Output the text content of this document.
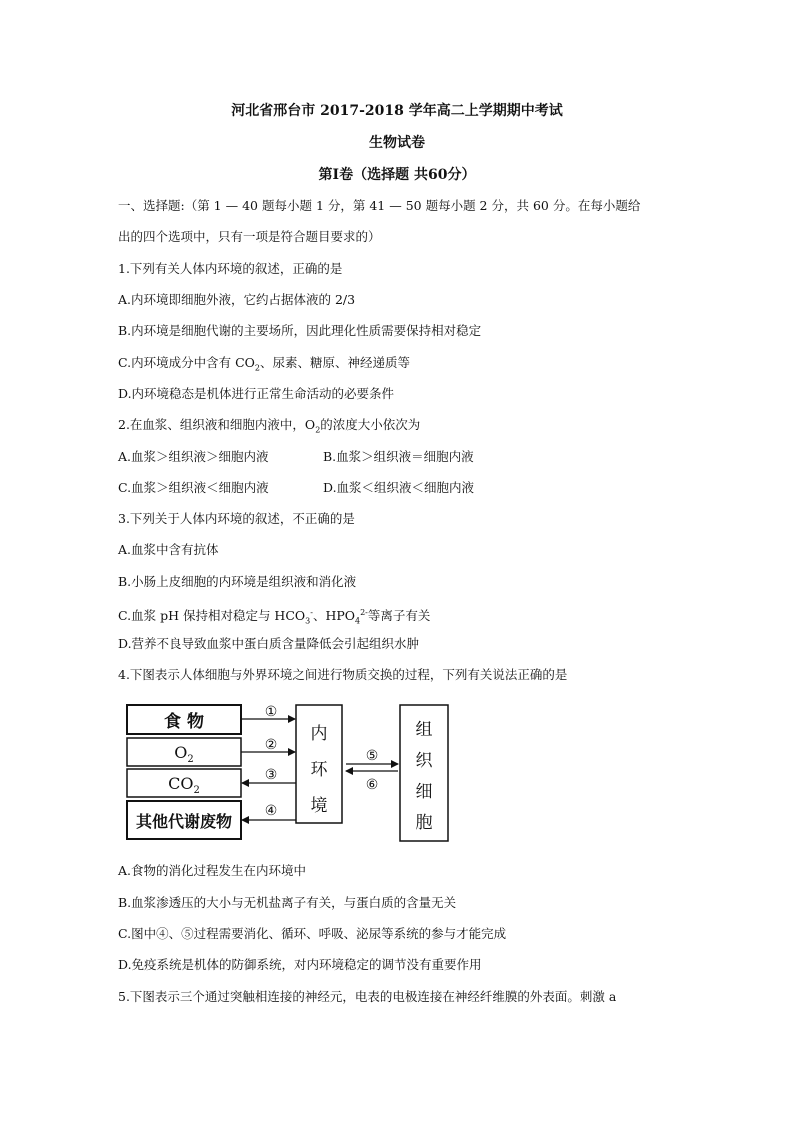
河北省邢台市 2017-2018 学年高二上学期期中考试
生物试卷
第Ⅰ卷（选择题 共60分）
一、选择题:（第 1 — 40 题每小题 1 分，第 41 — 50 题每小题 2 分，共 60 分。在每小题给
出的四个选项中，只有一项是符合题目要求的）
1.下列有关人体内环境的叙述，正确的是
A.内环境即细胞外液，它约占据体液的 2/3
B.内环境是细胞代谢的主要场所，因此理化性质需要保持相对稳定
C.内环境成分中含有 $CO_2$、尿素、糖原、神经递质等
D.内环境稳态是机体进行正常生命活动的必要条件
2.在血浆、组织液和细胞内液中，$O_2$的浓度大小依次为
A.血浆＞组织液＞细胞内液	B.血浆＞组织液＝细胞内液
C.血浆＞组织液＜细胞内液	D.血浆＜组织液＜细胞内液
3.下列关于人体内环境的叙述，不正确的是
A.血浆中含有抗体
B.小肠上皮细胞的内环境是组织液和消化液
C.血浆 pH 保持相对稳定与 $HCO_3^-$、$HPO_4^{2-}$等离子有关
D.营养不良导致血浆中蛋白质含量降低会引起组织水肿
4.下图表示人体细胞与外界环境之间进行物质交换的过程，下列有关说法正确的是
食 物
$O_2$
$CO_2$
其他代谢废物
内
环
境
组
织
细
胞
①
②
③
④
⑤
⑥
A.食物的消化过程发生在内环境中
B.血浆渗透压的大小与无机盐离子有关，与蛋白质的含量无关
C.图中④、⑤过程需要消化、循环、呼吸、泌尿等系统的参与才能完成
D.免疫系统是机体的防御系统，对内环境稳定的调节没有重要作用
5.下图表示三个通过突触相连接的神经元，电表的电极连接在神经纤维膜的外表面。刺激 a
